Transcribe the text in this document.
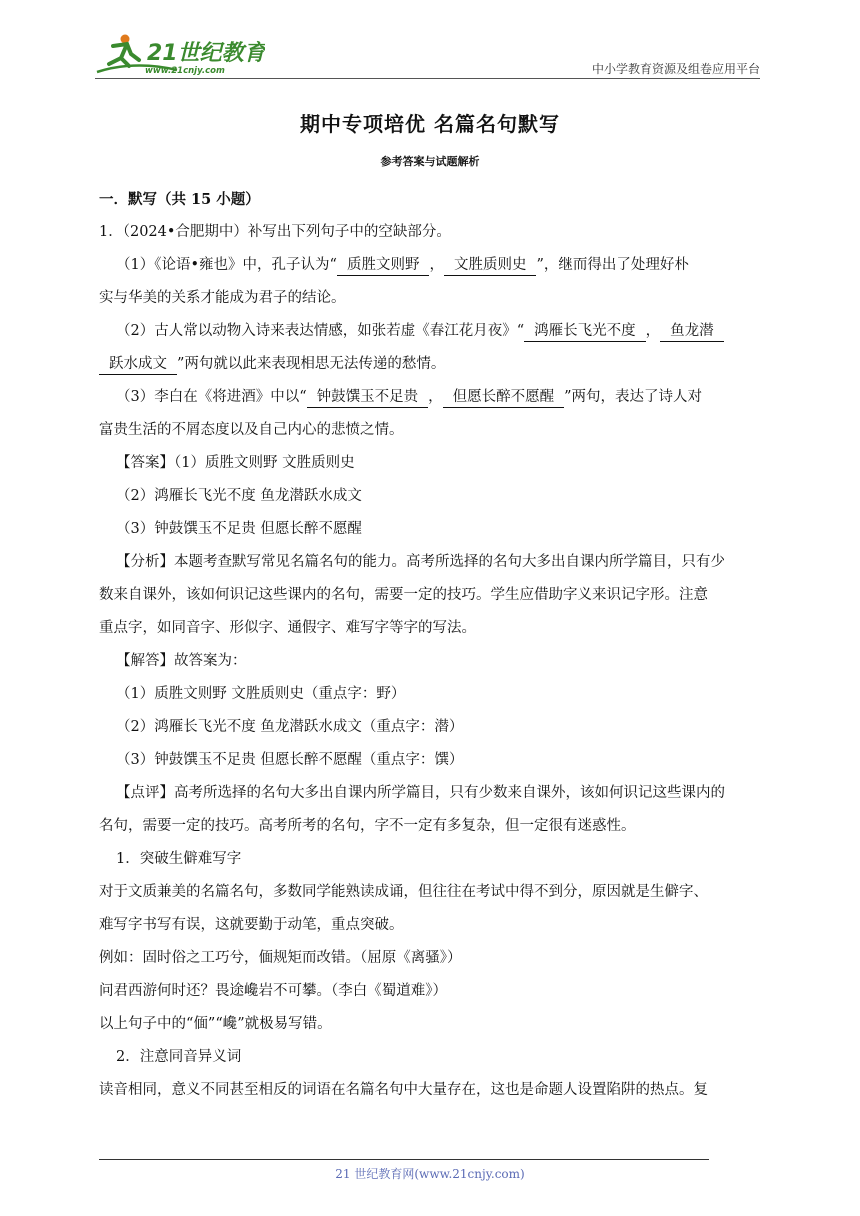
21世纪教育
www.21cnjy.com	中小学教育资源及组卷应用平台
期中专项培优 名篇名句默写
参考答案与试题解析

一．默写（共 15 小题）

1．（2024•合肥期中）补写出下列句子中的空缺部分。

（1）《论语•雍也》中，孔子认为“ 质胜文则野 ， 文胜质则史 ”，继而得出了处理好朴

实与华美的关系才能成为君子的结论。

（2）古人常以动物入诗来表达情感，如张若虚《春江花月夜》“ 鸿雁长飞光不度 ， 鱼龙潜

跃水成文 ”两句就以此来表现相思无法传递的愁情。

（3）李白在《将进酒》中以“ 钟鼓馔玉不足贵 ， 但愿长醉不愿醒 ”两句，表达了诗人对

富贵生活的不屑态度以及自己内心的悲愤之情。

【答案】（1）质胜文则野 文胜质则史

（2）鸿雁长飞光不度 鱼龙潜跃水成文

（3）钟鼓馔玉不足贵 但愿长醉不愿醒

【分析】本题考查默写常见名篇名句的能力。高考所选择的名句大多出自课内所学篇目，只有少

数来自课外，该如何识记这些课内的名句，需要一定的技巧。学生应借助字义来识记字形。注意

重点字，如同音字、形似字、通假字、难写字等字的写法。

【解答】故答案为：

（1）质胜文则野 文胜质则史（重点字：野）

（2）鸿雁长飞光不度 鱼龙潜跃水成文（重点字：潜）

（3）钟鼓馔玉不足贵 但愿长醉不愿醒（重点字：馔）

【点评】高考所选择的名句大多出自课内所学篇目，只有少数来自课外，该如何识记这些课内的

名句，需要一定的技巧。高考所考的名句，字不一定有多复杂，但一定很有迷惑性。

1．突破生僻难写字

对于文质兼美的名篇名句，多数同学能熟读成诵，但往往在考试中得不到分，原因就是生僻字、

难写字书写有误，这就要勤于动笔，重点突破。

例如：固时俗之工巧兮，偭规矩而改错。（屈原《离骚》）

问君西游何时还？畏途巉岩不可攀。（李白《蜀道难》）

以上句子中的“偭”“巉”就极易写错。

2．注意同音异义词

读音相同，意义不同甚至相反的词语在名篇名句中大量存在，这也是命题人设置陷阱的热点。复

21 世纪教育网(www.21cnjy.com)
